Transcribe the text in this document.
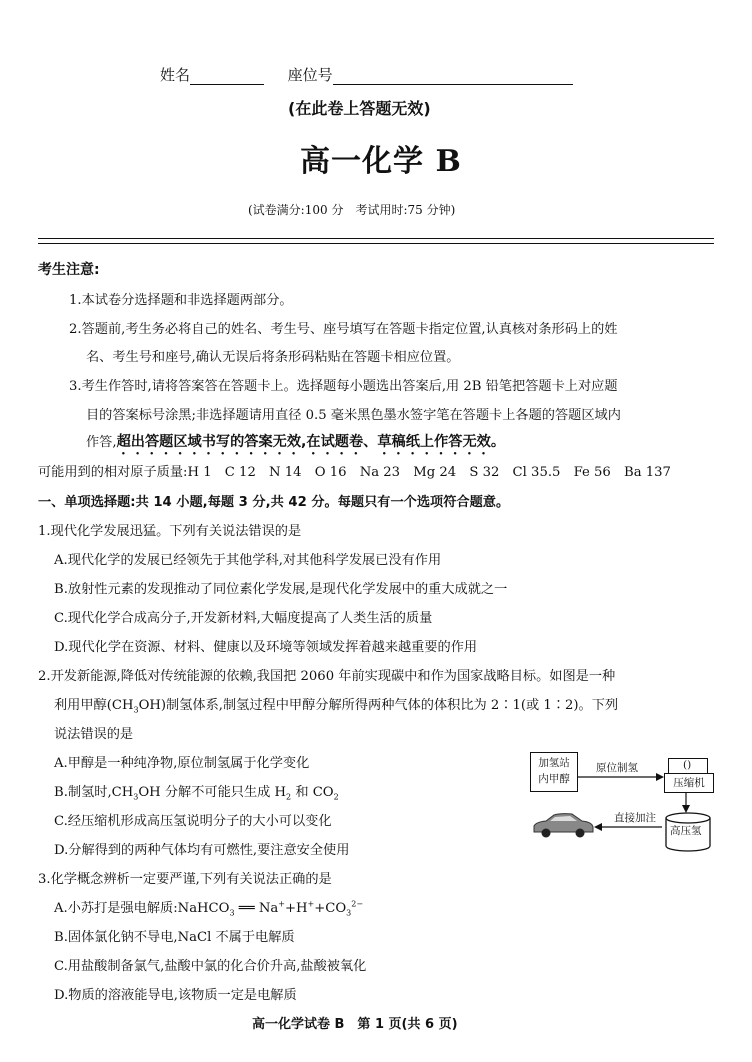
姓名	座位号
(在此卷上答题无效)
高一化学 B
(试卷满分:100 分　考试用时:75 分钟)
考生注意:
1.本试卷分选择题和非选择题两部分。
2.答题前,考生务必将自己的姓名、考生号、座号填写在答题卡指定位置,认真核对条形码上的姓
名、考生号和座号,确认无误后将条形码粘贴在答题卡相应位置。
3.考生作答时,请将答案答在答题卡上。选择题每小题选出答案后,用 2B 铅笔把答题卡上对应题
目的答案标号涂黑;非选择题请用直径 0.5 毫米黑色墨水签字笔在答题卡上各题的答题区域内
作答,超出答题区域书写的答案无效,在试题卷、草稿纸上作答无效。
可能用到的相对原子质量:H 1　C 12　N 14　O 16　Na 23　Mg 24　S 32　Cl 35.5　Fe 56　Ba 137
一、单项选择题:共 14 小题,每题 3 分,共 42 分。每题只有一个选项符合题意。
1.现代化学发展迅猛。下列有关说法错误的是
A.现代化学的发展已经领先于其他学科,对其他科学发展已没有作用
B.放射性元素的发现推动了同位素化学发展,是现代化学发展中的重大成就之一
C.现代化学合成高分子,开发新材料,大幅度提高了人类生活的质量
D.现代化学在资源、材料、健康以及环境等领域发挥着越来越重要的作用
2.开发新能源,降低对传统能源的依赖,我国把 2060 年前实现碳中和作为国家战略目标。如图是一种
利用甲醇$(CH_3OH)$制氢体系,制氢过程中甲醇分解所得两种气体的体积比为 2∶1(或 1∶2)。下列
说法错误的是
A.甲醇是一种纯净物,原位制氢属于化学变化
B.制氢时$,CH_3OH$ 分解不可能只生成 $H_2$ 和 $CO_2$
C.经压缩机形成高压氢说明分子的大小可以变化
D.分解得到的两种气体均有可燃性,要注意安全使用
加氢站
内甲醇
原位制氢	()
压缩机
高压氢
直接加注
3.化学概念辨析一定要严谨,下列有关说法正确的是
A.小苏打是强电解质:NaHCO$_3$ ══ $Na^++H^++CO_3^{2-}$
B.固体氯化钠不导电,NaCl 不属于电解质
C.用盐酸制备氯气,盐酸中氯的化合价升高,盐酸被氧化
D.物质的溶液能导电,该物质一定是电解质
高一化学试卷 B　第 1 页(共 6 页)
